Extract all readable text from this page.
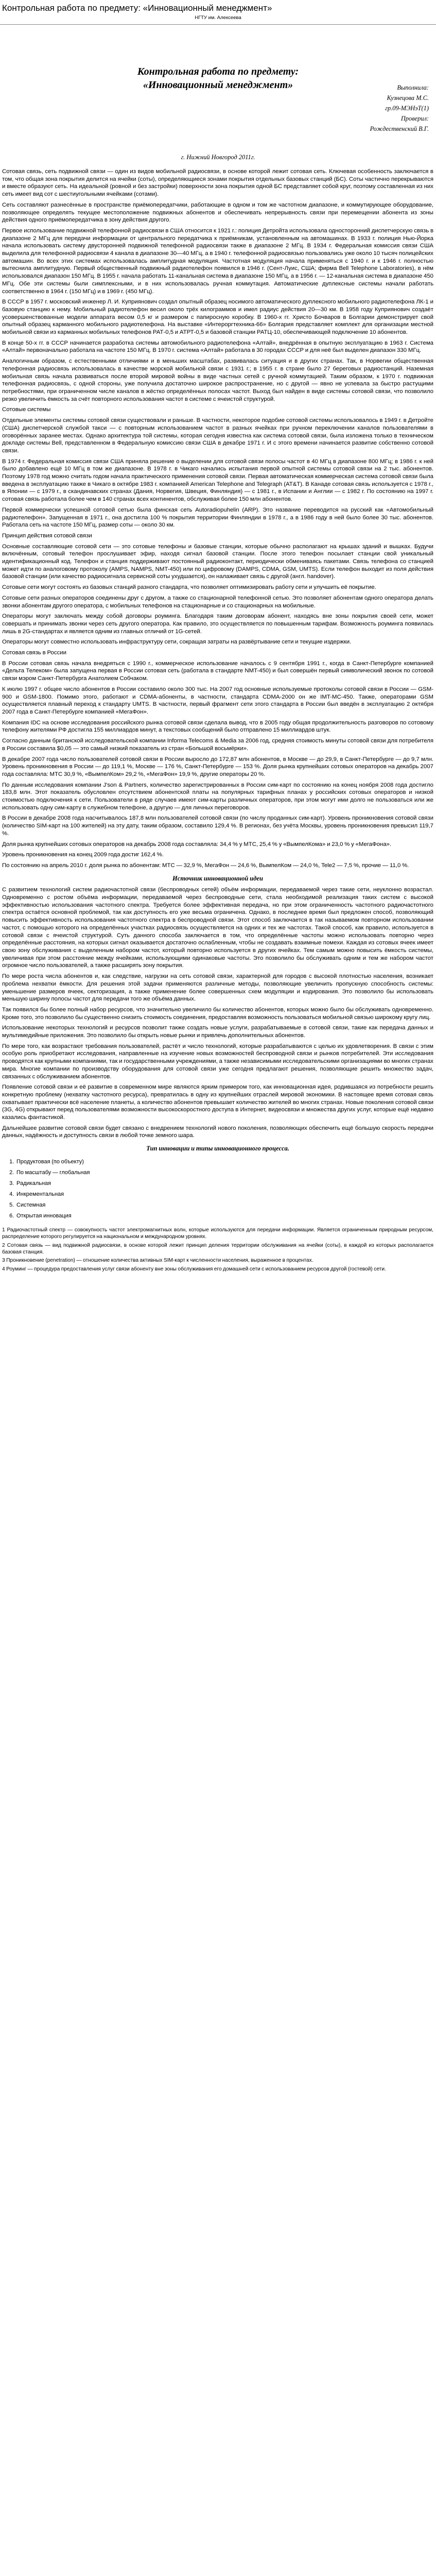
Контрольная работа по предмету: «Инновационный менеджмент»
НГТУ им. Алексеева
Контрольная работа по предмету:
«Инновационный менеджмент»	Выполнила:
Кузнецова М.С.
гр.09-МЭНэТ(1)
Проверил:
Рождественский В.Г.
г. Нижний Новгород 2011г.

Сотовая связь, сеть подвижной связи — один из видов мобильной радиосвязи, в основе которой лежит сотовая сеть. Ключевая особенность заключается в том, что общая зона покрытия делится на ячейки (соты), определяющиеся зонами покрытия отдельных базовых станций (БС). Соты частично перекрываются и вместе образуют сеть. На идеальной (ровной и без застройки) поверхности зона покрытия одной БС представляет собой круг, поэтому составленная из них сеть имеет вид сот с шестиугольными ячейками (сотами).

Сеть составляют разнесённые в пространстве приёмопередатчики, работающие в одном и том же частотном диапазоне, и коммутирующее оборудование, позволяющее определять текущее местоположение подвижных абонентов и обеспечивать непрерывность связи при перемещении абонента из зоны действия одного приёмопередатчика в зону действия другого.

Первое использование подвижной телефонной радиосвязи в США относится к 1921 г.: полиция Детройта использовала односторонний диспетчерскую связь в диапазоне 2 МГц для передачи информации от центрального передатчика к приёмникам, установленным на автомашинах. В 1933 г. полиция Нью-Йорка начала использовать систему двусторонней подвижной телефонной радиосвязи также в диапазоне 2 МГц. В 1934 г. Федеральная комиссия связи США выделила для телефонной радиосвязи 4 канала в диапазоне 30—40 МГц, а в 1940 г. телефонной радиосвязью пользовались уже около 10 тысяч полицейских автомашин. Во всех этих системах использовалась амплитудная модуляция. Частотная модуляция начала применяться с 1940 г. и к 1946 г. полностью вытеснила амплитудную. Первый общественный подвижный радиотелефон появился в 1946 г. (Сент-Луис, США; фирма Bell Telephone Laboratories), в нём использовался диапазон 150 МГц. В 1955 г. начала работать 11-канальная система в диапазоне 150 МГц, а в 1956 г. — 12-канальная система в диапазоне 450 МГц. Обе эти системы были симплексными, и в них использовалась ручная коммутация. Автоматические дуплексные системы начали работать соответственно в 1964 г. (150 МГц) и в 1969 г. (450 МГц).

В СССР в 1957 г. московский инженер Л. И. Куприянович создал опытный образец носимого автоматического дуплексного мобильного радиотелефона ЛК-1 и базовую станцию к нему. Мобильный радиотелефон весил около трёх килограммов и имел радиус действия 20—30 км. В 1958 году Куприянович создаёт усовершенствованные модели аппарата весом 0,5 кг и размером с папиросную коробку. В 1960-х гг. Христо Бочваров в Болгарии демонстрирует свой опытный образец карманного мобильного радиотелефона. На выставке «Интероргтехника-66» Болгария представляет комплект для организации местной мобильной связи из карманных мобильных телефонов РАТ-0,5 и АТРТ-0,5 и базовой станции РАТЦ-10, обеспечивающей подключение 10 абонентов.

В конце 50-х гг. в СССР начинается разработка системы автомобильного радиотелефона «Алтай», внедрённая в опытную эксплуатацию в 1963 г. Система «Алтай» первоначально работала на частоте 150 МГц. В 1970 г. система «Алтай» работала в 30 городах СССР и для неё был выделен диапазон 330 МГц.

Аналогичным образом, с естественными отличиями и в меньших масштабах, развивалась ситуация и в других странах. Так, в Норвегии общественная телефонная радиосвязь использовалась в качестве морской мобильной связи с 1931 г.; в 1955 г. в стране было 27 береговых радиостанций. Наземная мобильная связь начала развиваться после второй мировой войны в виде частных сетей с ручной коммутацией. Таким образом, к 1970 г. подвижная телефонная радиосвязь, с одной стороны, уже получила достаточно широкое распространение, но с другой — явно не успевала за быстро растущими потребностями, при ограниченном числе каналов в жёстко определённых полосах частот. Выход был найден в виде системы сотовой связи, что позволило резко увеличить ёмкость за счёт повторного использования частот в системе с ячеистой структурой.

Сотовые системы

Отдельные элементы системы сотовой связи существовали и раньше. В частности, некоторое подобие сотовой системы использовалось в 1949 г. в Детройте (США) диспетчерской службой такси — с повторным использованием частот в разных ячейках при ручном переключении каналов пользователями в оговорённых заранее местах. Однако архитектура той системы, которая сегодня известна как система сотовой связи, была изложена только в техническом докладе системы Bell, представленном в Федеральную комиссию связи США в декабре 1971 г. И с этого времени начинается развитие собственно сотовой связи.

В 1974 г. Федеральная комиссия связи США приняла решение о выделении для сотовой связи полосы частот в 40 МГц в диапазоне 800 МГц; в 1986 г. к ней было добавлено ещё 10 МГц в том же диапазоне. В 1978 г. в Чикаго начались испытания первой опытной системы сотовой связи на 2 тыс. абонентов. Поэтому 1978 год можно считать годом начала практического применения сотовой связи. Первая автоматическая коммерческая система сотовой связи была введена в эксплуатацию также в Чикаго в октябре 1983 г. компанией American Telephone and Telegraph (AT&T). В Канаде сотовая связь используется с 1978 г., в Японии — с 1979 г., в скандинавских странах (Дания, Норвегия, Швеция, Финляндия) — с 1981 г., в Испании и Англии — с 1982 г. По состоянию на 1997 г. сотовая связь работала более чем в 140 странах всех континентов, обслуживая более 150 млн абонентов.

Первой коммерчески успешной сотовой сетью была финская сеть Autoradiopuhelin (ARP). Это название переводится на русский как «Автомобильный радиотелефон». Запущенная в 1971 г., она достигла 100 % покрытия территории Финляндии в 1978 г., а в 1986 году в ней было более 30 тыс. абонентов. Работала сеть на частоте 150 МГц, размер соты — около 30 км.

Принцип действия сотовой связи

Основные составляющие сотовой сети — это сотовые телефоны и базовые станции, которые обычно располагают на крышах зданий и вышках. Будучи включённым, сотовый телефон прослушивает эфир, находя сигнал базовой станции. После этого телефон посылает станции свой уникальный идентификационный код. Телефон и станция поддерживают постоянный радиоконтакт, периодически обмениваясь пакетами. Связь телефона со станцией может идти по аналоговому протоколу (AMPS, NAMPS, NMT-450) или по цифровому (DAMPS, CDMA, GSM, UMTS). Если телефон выходит из поля действия базовой станции (или качество радиосигнала сервисной соты ухудшается), он налаживает связь с другой (англ. handover).

Сотовые сети могут состоять из базовых станций разного стандарта, что позволяет оптимизировать работу сети и улучшить её покрытие.

Сотовые сети разных операторов соединены друг с другом, а также со стационарной телефонной сетью. Это позволяет абонентам одного оператора делать звонки абонентам другого оператора, с мобильных телефонов на стационарные и со стационарных на мобильные.

Операторы могут заключать между собой договоры роуминга. Благодаря таким договорам абонент, находясь вне зоны покрытия своей сети, может совершать и принимать звонки через сеть другого оператора. Как правило, это осуществляется по повышенным тарифам. Возможность роуминга появилась лишь в 2G-стандартах и является одним из главных отличий от 1G-сетей.

Операторы могут совместно использовать инфраструктуру сети, сокращая затраты на развёртывание сети и текущие издержки.

Сотовая связь в России

В России сотовая связь начала внедряться с 1990 г., коммерческое использование началось с 9 сентября 1991 г., когда в Санкт-Петербурге компанией «Дельта Телеком» была запущена первая в России сотовая сеть (работала в стандарте NMT-450) и был совершён первый символический звонок по сотовой связи мэром Санкт-Петербурга Анатолием Собчаком.

К июлю 1997 г. общее число абонентов в России составило около 300 тыс. На 2007 год основные используемые протоколы сотовой связи в России — GSM-900 и GSM-1800. Помимо этого, работают и CDMA-абоненты, в частности, стандарта CDMA-2000 он же IMT-MC-450. Также, операторами GSM осуществляется плавный переход к стандарту UMTS. В частности, первый фрагмент сети этого стандарта в России был введён в эксплуатацию 2 октября 2007 года в Санкт-Петербурге компанией «МегаФон».

Компания IDC на основе исследования российского рынка сотовой связи сделала вывод, что в 2005 году общая продолжительность разговоров по сотовому телефону жителями РФ достигла 155 миллиардов минут, а текстовых сообщений было отправлено 15 миллиардов штук.

Согласно данным британской исследовательской компании Informa Telecoms & Media за 2006 год, средняя стоимость минуты сотовой связи для потребителя в России составила $0,05 — это самый низкий показатель из стран «Большой восьмёрки».

В декабре 2007 года число пользователей сотовой связи в России выросло до 172,87 млн абонентов, в Москве — до 29,9, в Санкт-Петербурге — до 9,7 млн. Уровень проникновения в России — до 119,1 %, Москве — 176 %, Санкт-Петербурге — 153 %. Доля рынка крупнейших сотовых операторов на декабрь 2007 года составляла: МТС 30,9 %, «ВымпелКом» 29,2 %, «МегаФон» 19,9 %, другие операторы 20 %.

По данным исследования компании J'son & Partners, количество зарегистрированных в России сим-карт по состоянию на конец ноября 2008 года достигло 183,8 млн. Этот показатель обусловлен отсутствием абонентской платы на популярных тарифных планах у российских сотовых операторов и низкой стоимостью подключения к сети. Пользователи в ряде случаев имеют сим-карты различных операторов, при этом могут ими долго не пользоваться или же использовать одну сим-карту в служебном телефоне, а другую — для личных переговоров.

В России в декабре 2008 года насчитывалось 187,8 млн пользователей сотовой связи (по числу проданных сим-карт). Уровень проникновения сотовой связи (количество SIM-карт на 100 жителей) на эту дату, таким образом, составило 129,4 %. В регионах, без учёта Москвы, уровень проникновения превысил 119,7 %.

Доля рынка крупнейших сотовых операторов на декабрь 2008 года составляла: 34,4 % у МТС, 25,4 % у «ВымпелКома» и 23,0 % у «МегаФона».

Уровень проникновения на конец 2009 года достиг 162,4 %.

По состоянию на апрель 2010 г. доля рынка по абонентам: МТС — 32,9 %, МегаФон — 24,6 %, ВымпелКом — 24,0 %, Tele2 — 7,5 %, прочие — 11,0 %.

Источник инновационной идеи

С развитием технологий систем радиочастотной связи (беспроводных сетей) объём информации, передаваемой через такие сети, неуклонно возрастал. Одновременно с ростом объёма информации, передаваемой через беспроводные сети, стала необходимой реализация таких систем с высокой эффективностью использования частотного спектра. Требуется более эффективная передача, но при этом ограниченность частотного радиочастотного спектра остаётся основной проблемой, так как доступность его уже весьма ограничена. Однако, в последнее время был предложен способ, позволяющий повысить эффективность использования частотного спектра в беспроводной связи. Этот способ заключается в так называемом повторном использовании частот, с помощью которого на определённых участках радиосвязь осуществляется на одних и тех же частотах. Такой способ, как правило, используется в сотовой связи с ячеистой структурой. Суть данного способа заключается в том, что определённые частоты можно использовать повторно через определённые расстояния, на которых сигнал оказывается достаточно ослабленным, чтобы не создавать взаимные помехи. Каждая из сотовых ячеек имеет свою зону обслуживания с выделенным набором частот, который повторно используется в других ячейках. Тем самым можно повысить ёмкость системы, увеличивая при этом расстояние между ячейками, использующими одинаковые частоты. Это позволило бы обслуживать одним и тем же набором частот огромное число пользователей, а также расширять зону покрытия.

По мере роста числа абонентов и, как следствие, нагрузки на сеть сотовой связи, характерной для городов с высокой плотностью населения, возникает проблема нехватки ёмкости. Для решения этой задачи применяются различные методы, позволяющие увеличить пропускную способность системы: уменьшение размеров ячеек, секторизация, а также применение более совершенных схем модуляции и кодирования. Это позволило бы использовать меньшую ширину полосы частот для передачи того же объёма данных.

Так появился бы более полный набор ресурсов, что значительно увеличило бы количество абонентов, которых можно было бы обслуживать одновременно. Кроме того, это позволило бы существенно снизить стоимость соединения, предоставляя возможность пользоваться мобильной связью широкому кругу лиц.

Использование некоторых технологий и ресурсов позволит также создать новые услуги, разрабатываемые в сотовой связи, такие как передача данных и мультимедийные приложения. Это позволило бы открыть новые рынки и привлечь дополнительных абонентов.

По мере того, как возрастают требования пользователей, растёт и число технологий, которые разрабатываются с целью их удовлетворения. В связи с этим особую роль приобретают исследования, направленные на изучение новых возможностей беспроводной связи и рынков потребителей. Эти исследования проводятся как крупными компаниями, так и государственными учреждениями, а также независимыми исследовательскими организациями во многих странах мира. Многие компании по производству оборудования для сотовой связи уже сегодня предлагают решения, позволяющие решить множество задач, связанных с обслуживанием абонентов.

Появление сотовой связи и её развитие в современном мире являются ярким примером того, как инновационная идея, родившаяся из потребности решить конкретную проблему (нехватку частотного ресурса), превратилась в одну из крупнейших отраслей мировой экономики. В настоящее время сотовая связь охватывает практически всё население планеты, а количество абонентов превышает количество жителей во многих странах. Новые поколения сотовой связи (3G, 4G) открывают перед пользователями возможности высокоскоростного доступа в Интернет, видеосвязи и множества других услуг, которые ещё недавно казались фантастикой.

Дальнейшее развитие сотовой связи будет связано с внедрением технологий нового поколения, позволяющих обеспечить ещё большую скорость передачи данных, надёжность и доступность связи в любой точке земного шара.

Тип инновации и типы инновационного процесса.
1. Продуктовая (по объекту)
2. По масштабу — глобальная
3. Радикальная
4. Инкрементальная
5. Системная
6. Открытая инновация

1 Радиочастотный спектр — совокупность частот электромагнитных волн, которые используются для передачи информации. Является ограниченным природным ресурсом, распределение которого регулируется на национальном и международном уровнях.

2 Сотовая связь — вид подвижной радиосвязи, в основе которой лежит принцип деления территории обслуживания на ячейки (соты), в каждой из которых располагается базовая станция.

3 Проникновение (penetration) — отношение количества активных SIM-карт к численности населения, выраженное в процентах.

4 Роуминг — процедура предоставления услуг связи абоненту вне зоны обслуживания его домашней сети с использованием ресурсов другой (гостевой) сети.
